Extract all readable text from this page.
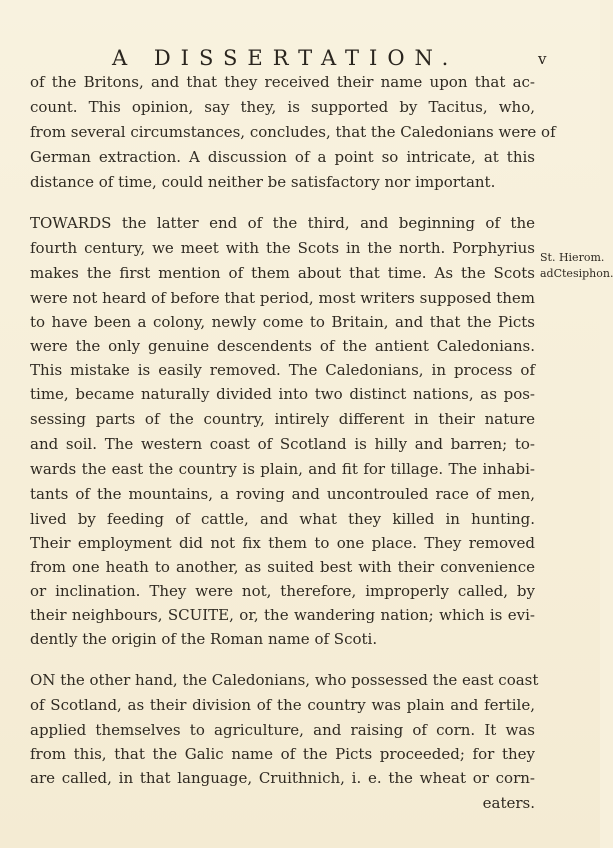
A DISSERTATION.	v
of the Britons, and that they received their name upon that ac-
count. This opinion, say they, is supported by Tacitus, who,
from several circumstances, concludes, that the Caledonians were of
German extraction. A discussion of a point so intricate, at this
distance of time, could neither be satisfactory nor important.
TOWARDS the latter end of the third, and beginning of the
fourth century, we meet with the Scots in the north. Porphyrius
makes the first mention of them about that time. As the Scots
were not heard of before that period, most writers supposed them
to have been a colony, newly come to Britain, and that the Picts
were the only genuine descendents of the antient Caledonians.
This mistake is easily removed. The Caledonians, in process of
time, became naturally divided into two distinct nations, as pos-
sessing parts of the country, intirely different in their nature
and soil. The western coast of Scotland is hilly and barren; to-
wards the east the country is plain, and fit for tillage. The inhabi-
tants of the mountains, a roving and uncontrouled race of men,
lived by feeding of cattle, and what they killed in hunting.
Their employment did not fix them to one place. They removed
from one heath to another, as suited best with their convenience
or inclination. They were not, therefore, improperly called, by
their neighbours, SCUITE, or, the wandering nation; which is evi-
dently the origin of the Roman name of Scoti.
ON the other hand, the Caledonians, who possessed the east coast
of Scotland, as their division of the country was plain and fertile,
applied themselves to agriculture, and raising of corn. It was
from this, that the Galic name of the Picts proceeded; for they
are called, in that language, Cruithnich, i. e. the wheat or corn-
eaters.
St. Hierom.
adCtesiphon.
